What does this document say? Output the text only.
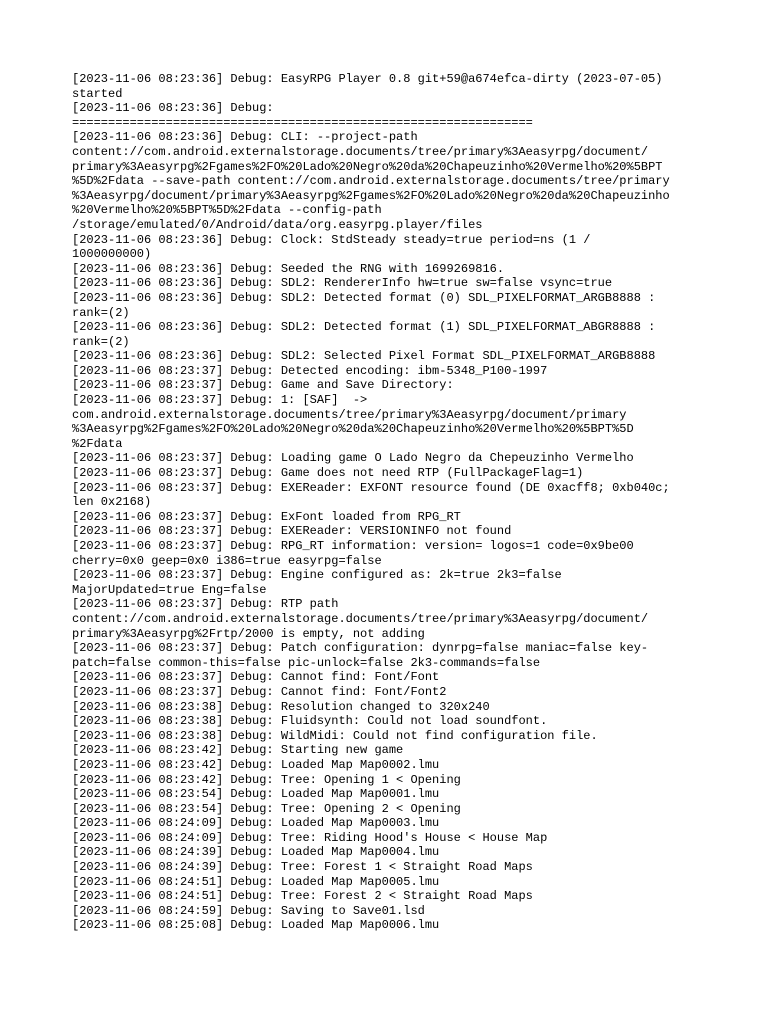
[2023-11-06 08:23:36] Debug: EasyRPG Player 0.8 git+59@a674efca-dirty (2023-07-05)
started
[2023-11-06 08:23:36] Debug:
================================================================
[2023-11-06 08:23:36] Debug: CLI: --project-path
content://com.android.externalstorage.documents/tree/primary%3Aeasyrpg/document/
primary%3Aeasyrpg%2Fgames%2FO%20Lado%20Negro%20da%20Chapeuzinho%20Vermelho%20%5BPT
%5D%2Fdata --save-path content://com.android.externalstorage.documents/tree/primary
%3Aeasyrpg/document/primary%3Aeasyrpg%2Fgames%2FO%20Lado%20Negro%20da%20Chapeuzinho
%20Vermelho%20%5BPT%5D%2Fdata --config-path
/storage/emulated/0/Android/data/org.easyrpg.player/files
[2023-11-06 08:23:36] Debug: Clock: StdSteady steady=true period=ns (1 /
1000000000)
[2023-11-06 08:23:36] Debug: Seeded the RNG with 1699269816.
[2023-11-06 08:23:36] Debug: SDL2: RendererInfo hw=true sw=false vsync=true
[2023-11-06 08:23:36] Debug: SDL2: Detected format (0) SDL_PIXELFORMAT_ARGB8888 :
rank=(2)
[2023-11-06 08:23:36] Debug: SDL2: Detected format (1) SDL_PIXELFORMAT_ABGR8888 :
rank=(2)
[2023-11-06 08:23:36] Debug: SDL2: Selected Pixel Format SDL_PIXELFORMAT_ARGB8888
[2023-11-06 08:23:37] Debug: Detected encoding: ibm-5348_P100-1997
[2023-11-06 08:23:37] Debug: Game and Save Directory:
[2023-11-06 08:23:37] Debug: 1: [SAF]  ->
com.android.externalstorage.documents/tree/primary%3Aeasyrpg/document/primary
%3Aeasyrpg%2Fgames%2FO%20Lado%20Negro%20da%20Chapeuzinho%20Vermelho%20%5BPT%5D
%2Fdata
[2023-11-06 08:23:37] Debug: Loading game O Lado Negro da Chepeuzinho Vermelho
[2023-11-06 08:23:37] Debug: Game does not need RTP (FullPackageFlag=1)
[2023-11-06 08:23:37] Debug: EXEReader: EXFONT resource found (DE 0xacff8; 0xb040c;
len 0x2168)
[2023-11-06 08:23:37] Debug: ExFont loaded from RPG_RT
[2023-11-06 08:23:37] Debug: EXEReader: VERSIONINFO not found
[2023-11-06 08:23:37] Debug: RPG_RT information: version= logos=1 code=0x9be00
cherry=0x0 geep=0x0 i386=true easyrpg=false
[2023-11-06 08:23:37] Debug: Engine configured as: 2k=true 2k3=false
MajorUpdated=true Eng=false
[2023-11-06 08:23:37] Debug: RTP path
content://com.android.externalstorage.documents/tree/primary%3Aeasyrpg/document/
primary%3Aeasyrpg%2Frtp/2000 is empty, not adding
[2023-11-06 08:23:37] Debug: Patch configuration: dynrpg=false maniac=false key-
patch=false common-this=false pic-unlock=false 2k3-commands=false
[2023-11-06 08:23:37] Debug: Cannot find: Font/Font
[2023-11-06 08:23:37] Debug: Cannot find: Font/Font2
[2023-11-06 08:23:38] Debug: Resolution changed to 320x240
[2023-11-06 08:23:38] Debug: Fluidsynth: Could not load soundfont.
[2023-11-06 08:23:38] Debug: WildMidi: Could not find configuration file.
[2023-11-06 08:23:42] Debug: Starting new game
[2023-11-06 08:23:42] Debug: Loaded Map Map0002.lmu
[2023-11-06 08:23:42] Debug: Tree: Opening 1 < Opening
[2023-11-06 08:23:54] Debug: Loaded Map Map0001.lmu
[2023-11-06 08:23:54] Debug: Tree: Opening 2 < Opening
[2023-11-06 08:24:09] Debug: Loaded Map Map0003.lmu
[2023-11-06 08:24:09] Debug: Tree: Riding Hood's House < House Map
[2023-11-06 08:24:39] Debug: Loaded Map Map0004.lmu
[2023-11-06 08:24:39] Debug: Tree: Forest 1 < Straight Road Maps
[2023-11-06 08:24:51] Debug: Loaded Map Map0005.lmu
[2023-11-06 08:24:51] Debug: Tree: Forest 2 < Straight Road Maps
[2023-11-06 08:24:59] Debug: Saving to Save01.lsd
[2023-11-06 08:25:08] Debug: Loaded Map Map0006.lmu
